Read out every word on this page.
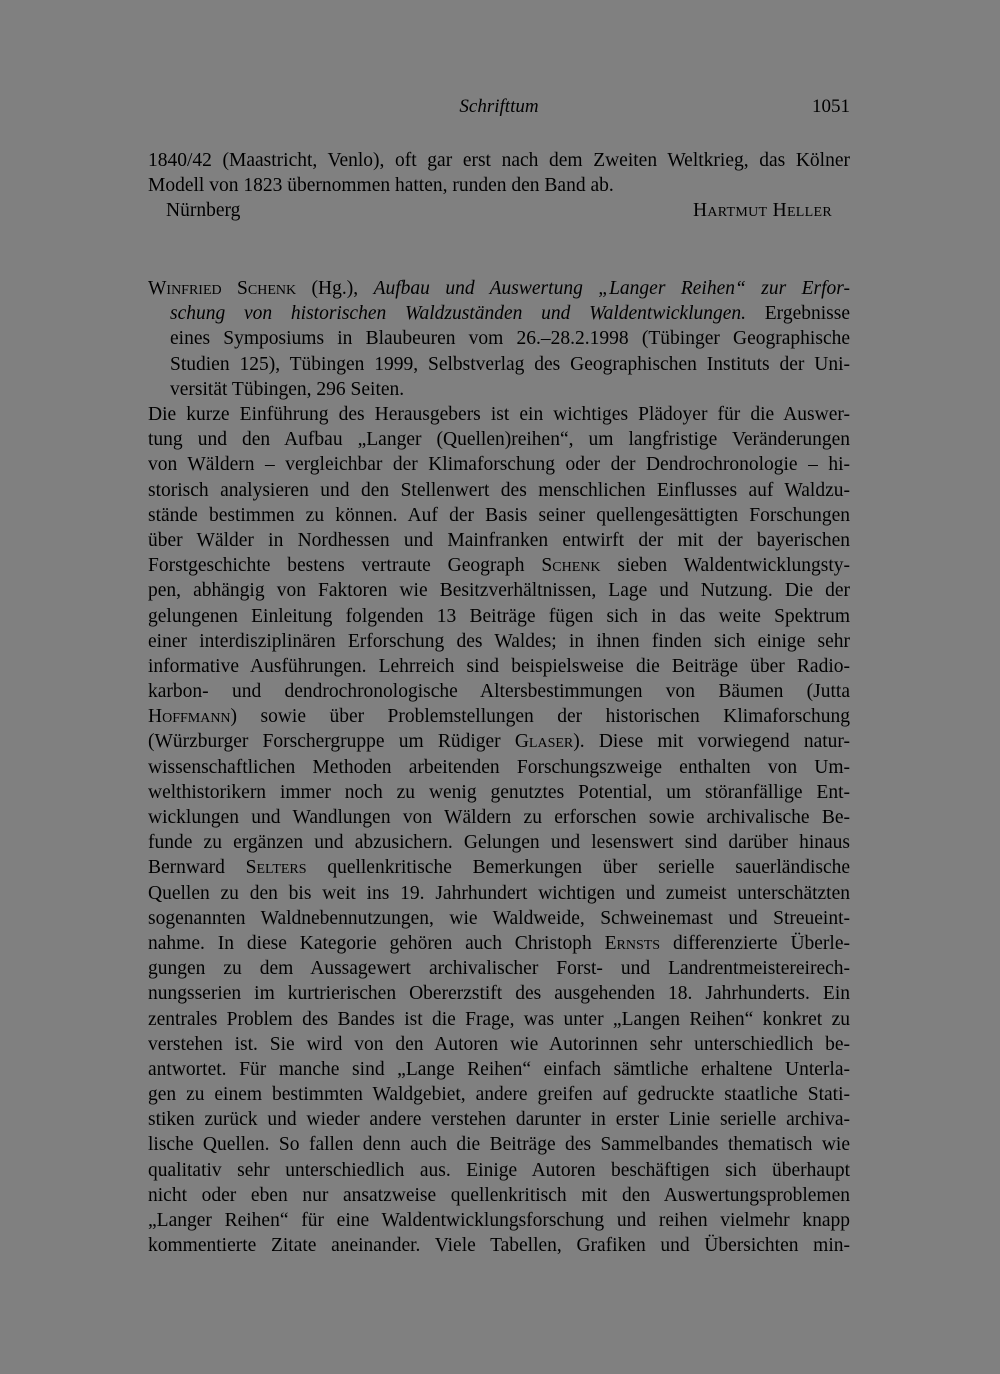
Schrifttum	1051
1840/42 (Maastricht, Venlo), oft gar erst nach dem Zweiten Weltkrieg, das Kölner
Modell von 1823 übernommen hatten, runden den Band ab.
Nürnberg	Hartmut Heller
Winfried Schenk (Hg.), Aufbau und Auswertung „Langer Reihen“ zur Erfor-
schung von historischen Waldzuständen und Waldentwicklungen. Ergebnisse
eines Symposiums in Blaubeuren vom 26.–28.2.1998 (Tübinger Geographische
Studien 125), Tübingen 1999, Selbstverlag des Geographischen Instituts der Uni-
versität Tübingen, 296 Seiten.
Die kurze Einführung des Herausgebers ist ein wichtiges Plädoyer für die Auswer-
tung und den Aufbau „Langer (Quellen)reihen“, um langfristige Veränderungen
von Wäldern – vergleichbar der Klimaforschung oder der Dendrochronologie – hi-
storisch analysieren und den Stellenwert des menschlichen Einflusses auf Waldzu-
stände bestimmen zu können. Auf der Basis seiner quellengesättigten Forschungen
über Wälder in Nordhessen und Mainfranken entwirft der mit der bayerischen
Forstgeschichte bestens vertraute Geograph Schenk sieben Waldentwicklungsty-
pen, abhängig von Faktoren wie Besitzverhältnissen, Lage und Nutzung. Die der
gelungenen Einleitung folgenden 13 Beiträge fügen sich in das weite Spektrum
einer interdisziplinären Erforschung des Waldes; in ihnen finden sich einige sehr
informative Ausführungen. Lehrreich sind beispielsweise die Beiträge über Radio-
karbon- und dendrochronologische Altersbestimmungen von Bäumen (Jutta
Hoffmann) sowie über Problemstellungen der historischen Klimaforschung
(Würzburger Forschergruppe um Rüdiger Glaser). Diese mit vorwiegend natur-
wissenschaftlichen Methoden arbeitenden Forschungszweige enthalten von Um-
welthistorikern immer noch zu wenig genutztes Potential, um störanfällige Ent-
wicklungen und Wandlungen von Wäldern zu erforschen sowie archivalische Be-
funde zu ergänzen und abzusichern. Gelungen und lesenswert sind darüber hinaus
Bernward Selters quellenkritische Bemerkungen über serielle sauerländische
Quellen zu den bis weit ins 19. Jahrhundert wichtigen und zumeist unterschätzten
sogenannten Waldnebennutzungen, wie Waldweide, Schweinemast und Streueint-
nahme. In diese Kategorie gehören auch Christoph Ernsts differenzierte Überle-
gungen zu dem Aussagewert archivalischer Forst- und Landrentmeistereirech-
nungsserien im kurtrierischen Obererzstift des ausgehenden 18. Jahrhunderts. Ein
zentrales Problem des Bandes ist die Frage, was unter „Langen Reihen“ konkret zu
verstehen ist. Sie wird von den Autoren wie Autorinnen sehr unterschiedlich be-
antwortet. Für manche sind „Lange Reihen“ einfach sämtliche erhaltene Unterla-
gen zu einem bestimmten Waldgebiet, andere greifen auf gedruckte staatliche Stati-
stiken zurück und wieder andere verstehen darunter in erster Linie serielle archiva-
lische Quellen. So fallen denn auch die Beiträge des Sammelbandes thematisch wie
qualitativ sehr unterschiedlich aus. Einige Autoren beschäftigen sich überhaupt
nicht oder eben nur ansatzweise quellenkritisch mit den Auswertungsproblemen
„Langer Reihen“ für eine Waldentwicklungsforschung und reihen vielmehr knapp
kommentierte Zitate aneinander. Viele Tabellen, Grafiken und Übersichten min-
